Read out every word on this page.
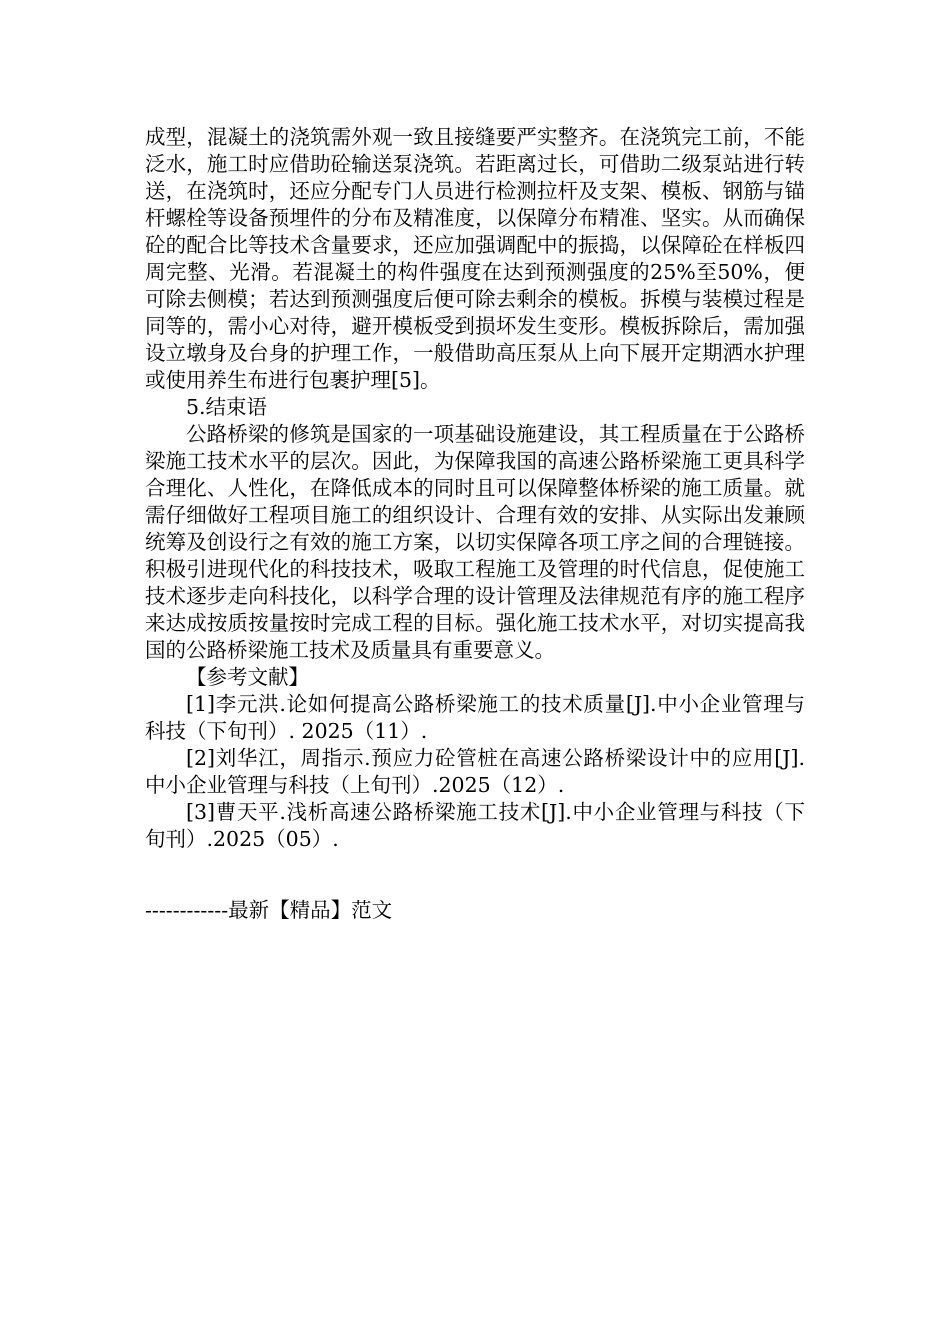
成型，混凝土的浇筑需外观一致且接缝要严实整齐。在浇筑完工前，不能泛水，施工时应借助砼输送泵浇筑。若距离过长，可借助二级泵站进行转送，在浇筑时，还应分配专门人员进行检测拉杆及支架、模板、钢筋与锚杆螺栓等设备预埋件的分布及精准度，以保障分布精准、坚实。从而确保砼的配合比等技术含量要求，还应加强调配中的振捣，以保障砼在样板四周完整、光滑。若混凝土的构件强度在达到预测强度的25%至50%，便可除去侧模；若达到预测强度后便可除去剩余的模板。拆模与装模过程是同等的，需小心对待，避开模板受到损坏发生变形。模板拆除后，需加强设立墩身及台身的护理工作，一般借助高压泵从上向下展开定期洒水护理或使用养生布进行包裹护理[5]。

5.结束语

公路桥梁的修筑是国家的一项基础设施建设，其工程质量在于公路桥梁施工技术水平的层次。因此，为保障我国的高速公路桥梁施工更具科学合理化、人性化，在降低成本的同时且可以保障整体桥梁的施工质量。就需仔细做好工程项目施工的组织设计、合理有效的安排、从实际出发兼顾统筹及创设行之有效的施工方案，以切实保障各项工序之间的合理链接。积极引进现代化的科技技术，吸取工程施工及管理的时代信息，促使施工技术逐步走向科技化，以科学合理的设计管理及法律规范有序的施工程序来达成按质按量按时完成工程的目标。强化施工技术水平，对切实提高我国的公路桥梁施工技术及质量具有重要意义。

【参考文献】

[1]李元洪.论如何提高公路桥梁施工的技术质量[J].中小企业管理与科技（下旬刊）. 2025（11）.

[2]刘华江，周指示.预应力砼管桩在高速公路桥梁设计中的应用[J].中小企业管理与科技（上旬刊）.2025（12）.

[3]曹天平.浅析高速公路桥梁施工技术[J].中小企业管理与科技（下旬刊）.2025（05）.

------------最新【精品】范文
